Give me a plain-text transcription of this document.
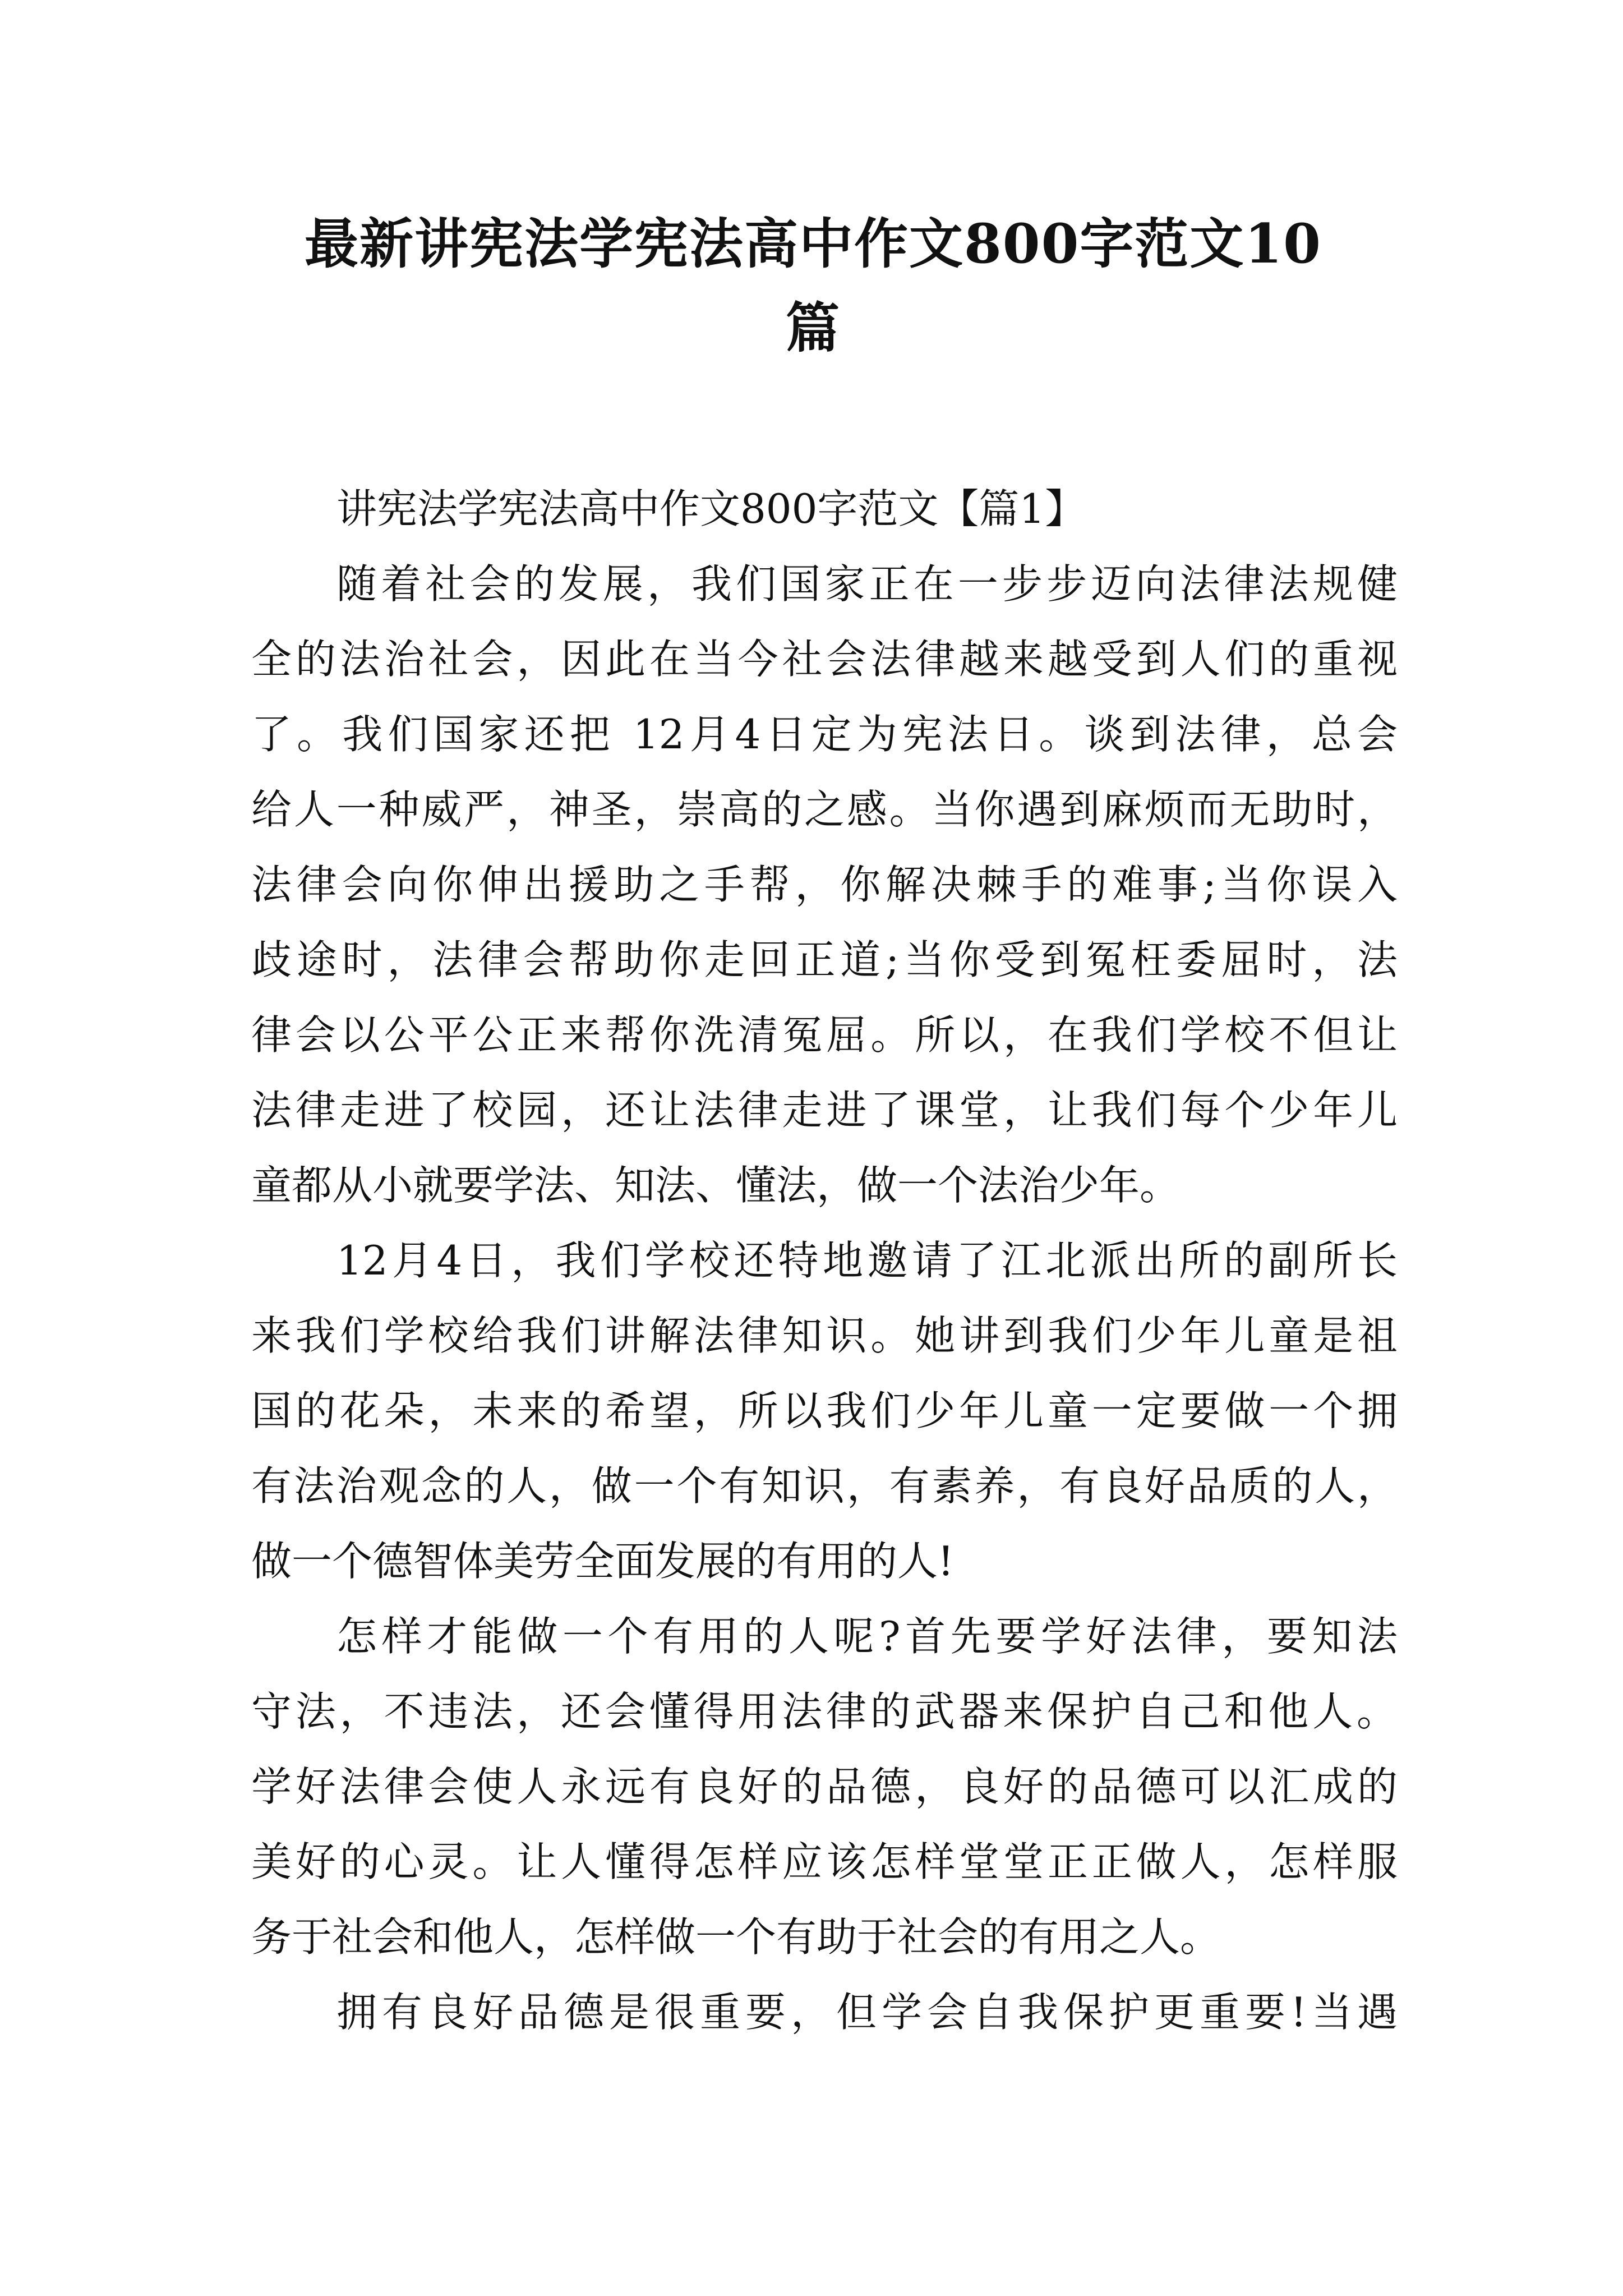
最新讲宪法学宪法高中作文800字范文10
篇
讲宪法学宪法高中作文800字范文【篇1】
随着社会的发展，我们国家正在一步步迈向法律法规健
全的法治社会，因此在当今社会法律越来越受到人们的重视
了。我们国家还把 12月4日定为宪法日。谈到法律，总会
给人一种威严，神圣，崇高的之感。当你遇到麻烦而无助时，
法律会向你伸出援助之手帮，你解决棘手的难事;当你误入
歧途时，法律会帮助你走回正道;当你受到冤枉委屈时，法
律会以公平公正来帮你洗清冤屈。所以，在我们学校不但让
法律走进了校园，还让法律走进了课堂，让我们每个少年儿
童都从小就要学法、知法、懂法，做一个法治少年。
12月4日，我们学校还特地邀请了江北派出所的副所长
来我们学校给我们讲解法律知识。她讲到我们少年儿童是祖
国的花朵，未来的希望，所以我们少年儿童一定要做一个拥
有法治观念的人，做一个有知识，有素养，有良好品质的人，
做一个德智体美劳全面发展的有用的人!
怎样才能做一个有用的人呢?首先要学好法律，要知法
守法，不违法，还会懂得用法律的武器来保护自己和他人。
学好法律会使人永远有良好的品德，良好的品德可以汇成的
美好的心灵。让人懂得怎样应该怎样堂堂正正做人，怎样服
务于社会和他人，怎样做一个有助于社会的有用之人。
拥有良好品德是很重要，但学会自我保护更重要!当遇
